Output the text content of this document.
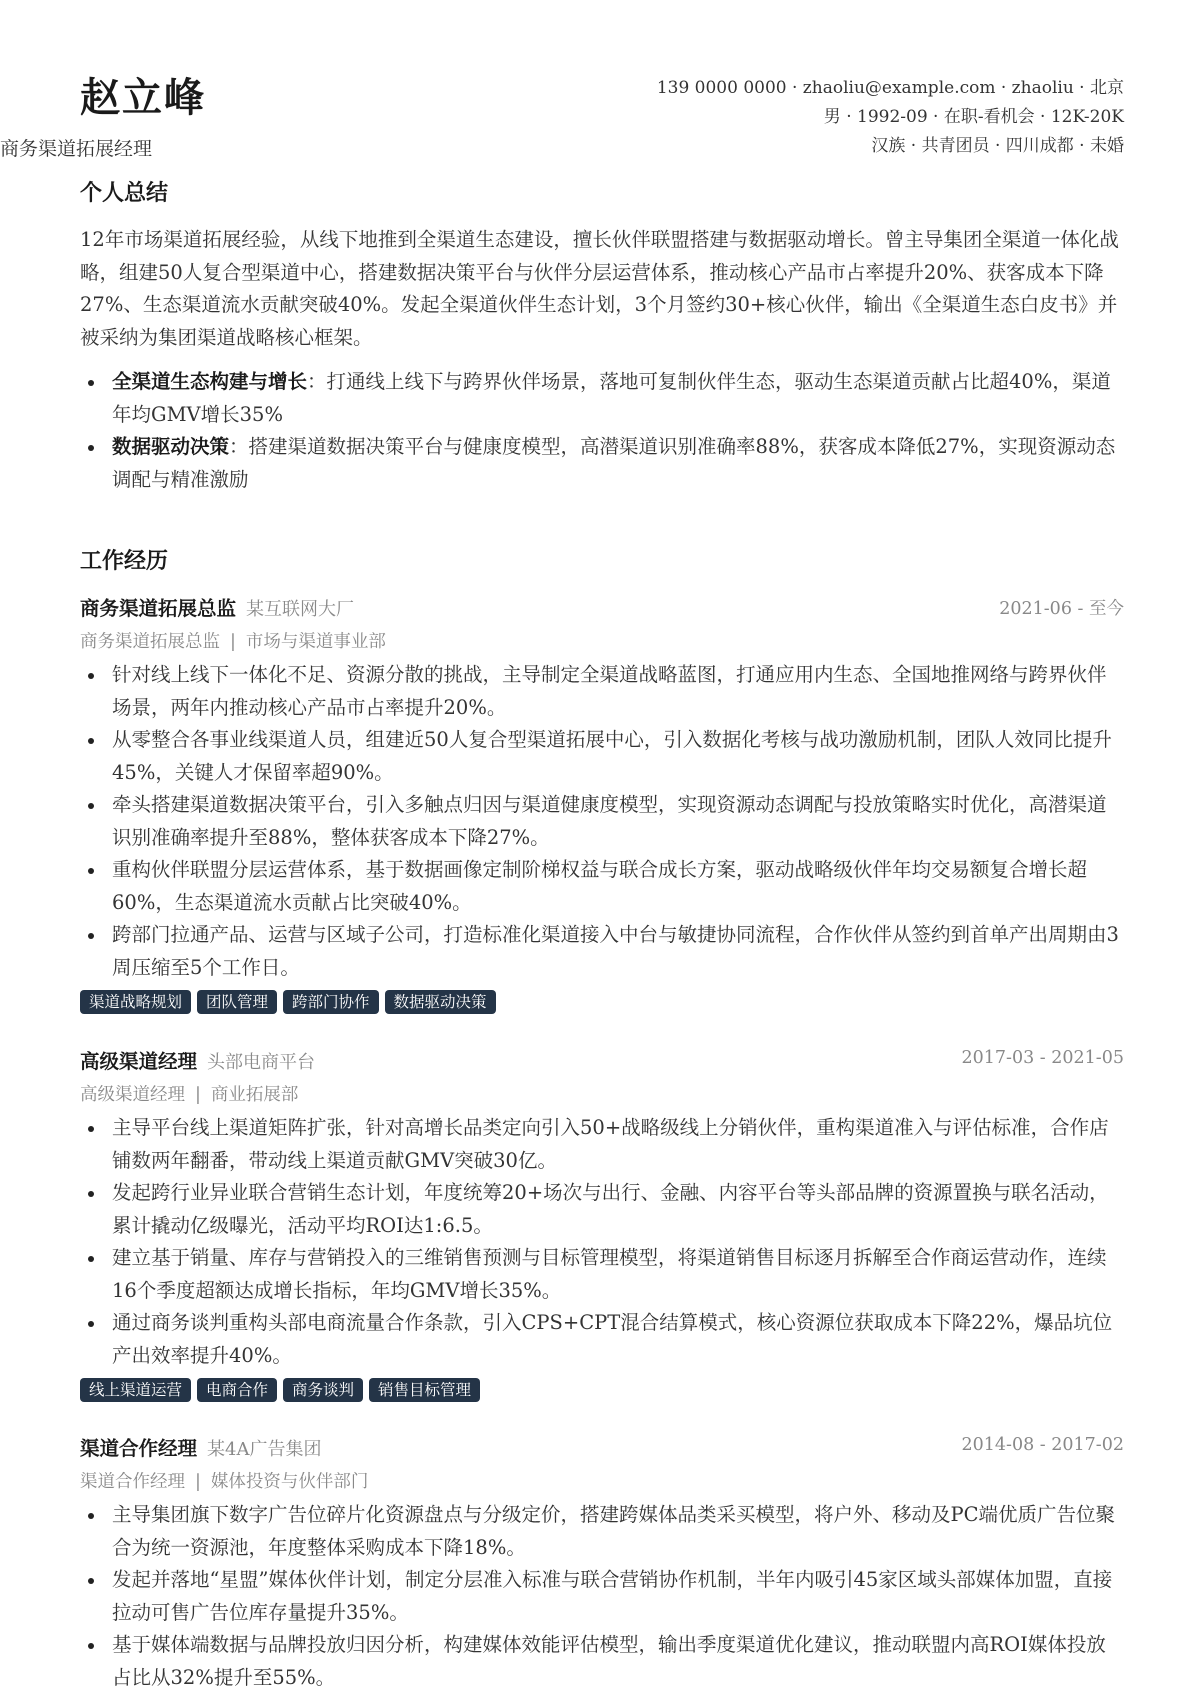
赵立峰	139 0000 0000 · zhaoliu@example.com · zhaoliu · 北京
男 · 1992-09 · 在职-看机会 · 12K-20K
汉族 · 共青团员 · 四川成都 · 未婚
商务渠道拓展经理
个人总结
12年市场渠道拓展经验，从线下地推到全渠道生态建设，擅长伙伴联盟搭建与数据驱动增长。曾主导集团全渠道一体化战略，组建50人复合型渠道中心，搭建数据决策平台与伙伴分层运营体系，推动核心产品市占率提升20%、获客成本下降27%、生态渠道流水贡献突破40%。发起全渠道伙伴生态计划，3个月签约30+核心伙伴，输出《全渠道生态白皮书》并被采纳为集团渠道战略核心框架。
全渠道生态构建与增长：打通线上线下与跨界伙伴场景，落地可复制伙伴生态，驱动生态渠道贡献占比超40%，渠道年均GMV增长35%
数据驱动决策：搭建渠道数据决策平台与健康度模型，高潜渠道识别准确率88%，获客成本降低27%，实现资源动态调配与精准激励
工作经历
商务渠道拓展总监 某互联网大厂	2021-06 - 至今
商务渠道拓展总监 | 市场与渠道事业部
针对线上线下一体化不足、资源分散的挑战，主导制定全渠道战略蓝图，打通应用内生态、全国地推网络与跨界伙伴场景，两年内推动核心产品市占率提升20%。
从零整合各事业线渠道人员，组建近50人复合型渠道拓展中心，引入数据化考核与战功激励机制，团队人效同比提升45%，关键人才保留率超90%。
牵头搭建渠道数据决策平台，引入多触点归因与渠道健康度模型，实现资源动态调配与投放策略实时优化，高潜渠道识别准确率提升至88%，整体获客成本下降27%。
重构伙伴联盟分层运营体系，基于数据画像定制阶梯权益与联合成长方案，驱动战略级伙伴年均交易额复合增长超60%，生态渠道流水贡献占比突破40%。
跨部门拉通产品、运营与区域子公司，打造标准化渠道接入中台与敏捷协同流程，合作伙伴从签约到首单产出周期由3周压缩至5个工作日。
渠道战略规划 团队管理 跨部门协作 数据驱动决策
高级渠道经理 头部电商平台	2017-03 - 2021-05
高级渠道经理 | 商业拓展部
主导平台线上渠道矩阵扩张，针对高增长品类定向引入50+战略级线上分销伙伴，重构渠道准入与评估标准，合作店铺数两年翻番，带动线上渠道贡献GMV突破30亿。
发起跨行业异业联合营销生态计划，年度统筹20+场次与出行、金融、内容平台等头部品牌的资源置换与联名活动，累计撬动亿级曝光，活动平均ROI达1:6.5。
建立基于销量、库存与营销投入的三维销售预测与目标管理模型，将渠道销售目标逐月拆解至合作商运营动作，连续16个季度超额达成增长指标，年均GMV增长35%。
通过商务谈判重构头部电商流量合作条款，引入CPS+CPT混合结算模式，核心资源位获取成本下降22%，爆品坑位产出效率提升40%。
线上渠道运营 电商合作 商务谈判 销售目标管理
渠道合作经理 某4A广告集团	2014-08 - 2017-02
渠道合作经理 | 媒体投资与伙伴部门
主导集团旗下数字广告位碎片化资源盘点与分级定价，搭建跨媒体品类采买模型，将户外、移动及PC端优质广告位聚合为统一资源池，年度整体采购成本下降18%。
发起并落地“星盟”媒体伙伴计划，制定分层准入标准与联合营销协作机制，半年内吸引45家区域头部媒体加盟，直接拉动可售广告位库存量提升35%。
基于媒体端数据与品牌投放归因分析，构建媒体效能评估模型，输出季度渠道优化建议，推动联盟内高ROI媒体投放占比从32%提升至55%。
